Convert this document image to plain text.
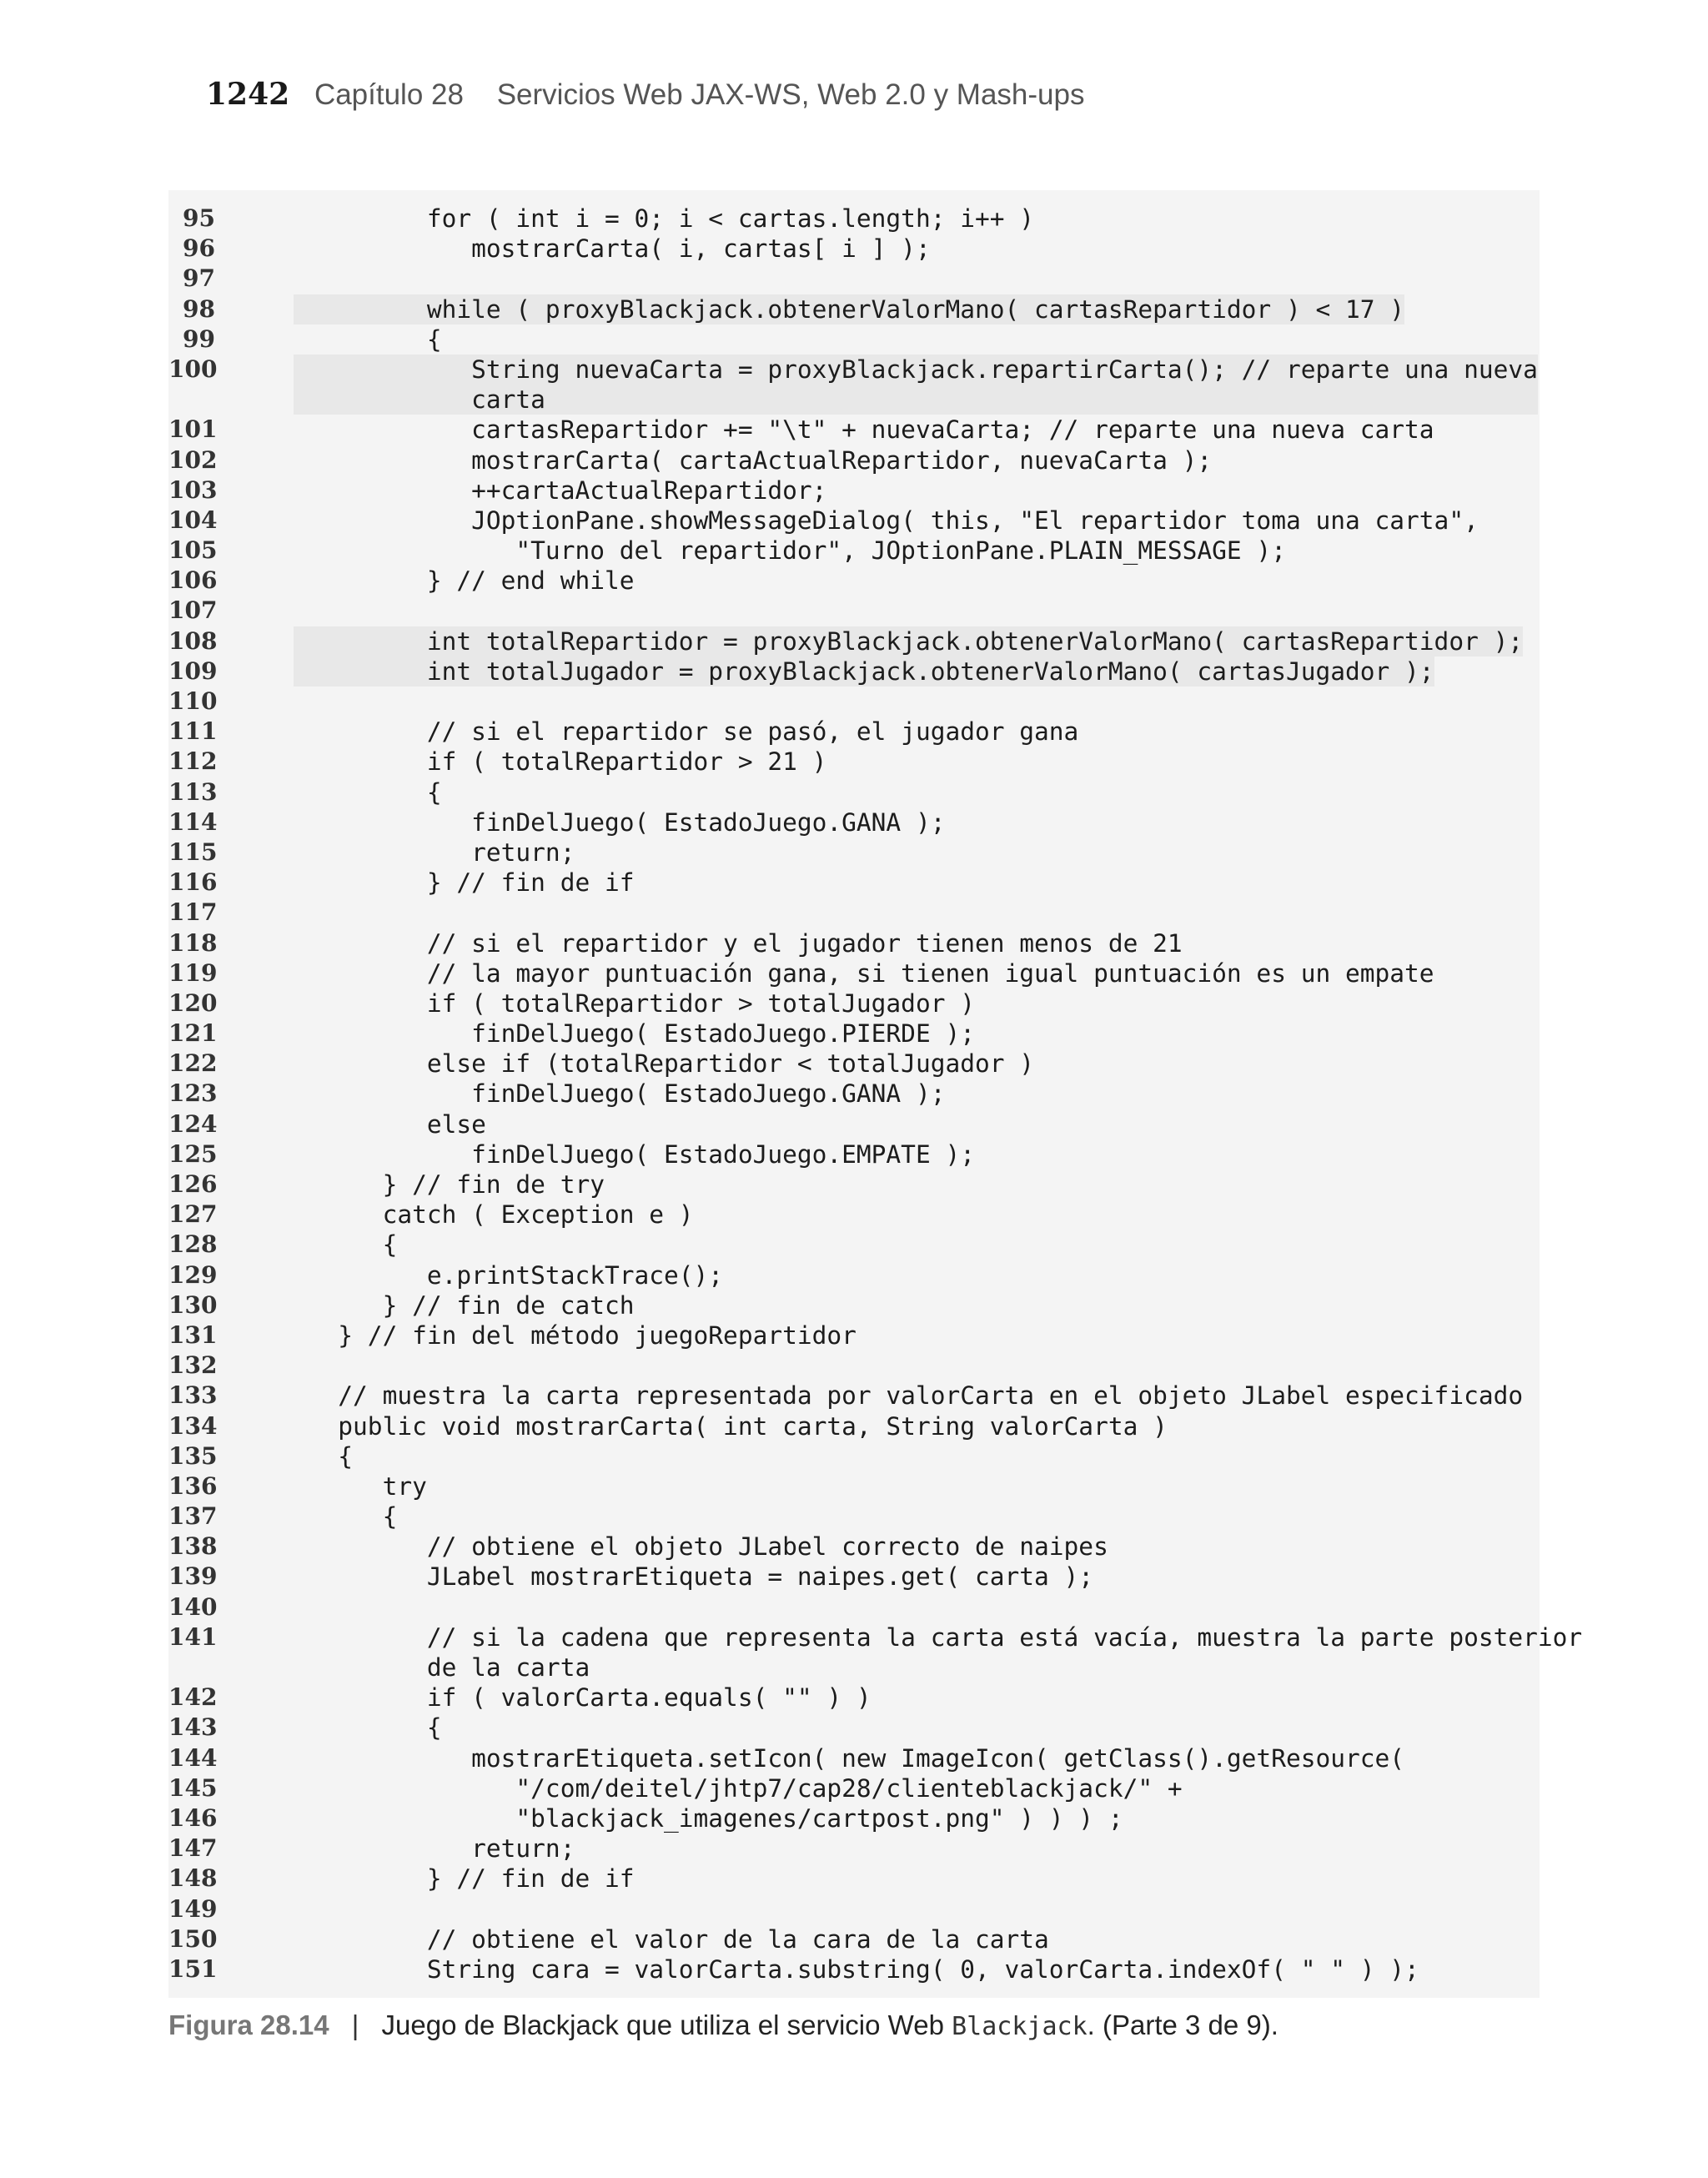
1242 Capítulo 28 Servicios Web JAX-WS, Web 2.0 y Mash-ups
95	for ( int i = 0; i < cartas.length; i++ )
96	mostrarCarta( i, cartas[ i ] );
97
98	while ( proxyBlackjack.obtenerValorMano( cartasRepartidor ) < 17 )
99	{
100	String nuevaCarta = proxyBlackjack.repartirCarta(); // reparte una nueva
carta
101	cartasRepartidor += "\t" + nuevaCarta; // reparte una nueva carta
102	mostrarCarta( cartaActualRepartidor, nuevaCarta );
103	++cartaActualRepartidor;
104	JOptionPane.showMessageDialog( this, "El repartidor toma una carta",
105	"Turno del repartidor", JOptionPane.PLAIN_MESSAGE );
106	} // end while
107
108	int totalRepartidor = proxyBlackjack.obtenerValorMano( cartasRepartidor );
109	int totalJugador = proxyBlackjack.obtenerValorMano( cartasJugador );
110
111	// si el repartidor se pasó, el jugador gana
112	if ( totalRepartidor > 21 )
113	{
114	finDelJuego( EstadoJuego.GANA );
115	return;
116	} // fin de if
117
118	// si el repartidor y el jugador tienen menos de 21
119	// la mayor puntuación gana, si tienen igual puntuación es un empate
120	if ( totalRepartidor > totalJugador )
121	finDelJuego( EstadoJuego.PIERDE );
122	else if (totalRepartidor < totalJugador )
123	finDelJuego( EstadoJuego.GANA );
124	else
125	finDelJuego( EstadoJuego.EMPATE );
126	} // fin de try
127	catch ( Exception e )
128	{
129	e.printStackTrace();
130	} // fin de catch
131	} // fin del método juegoRepartidor
132
133	// muestra la carta representada por valorCarta en el objeto JLabel especificado
134	public void mostrarCarta( int carta, String valorCarta )
135	{
136	try
137	{
138	// obtiene el objeto JLabel correcto de naipes
139	JLabel mostrarEtiqueta = naipes.get( carta );
140
141	// si la cadena que representa la carta está vacía, muestra la parte posterior
de la carta
142	if ( valorCarta.equals( "" ) )
143	{
144	mostrarEtiqueta.setIcon( new ImageIcon( getClass().getResource(
145	"/com/deitel/jhtp7/cap28/clienteblackjack/" +
146	"blackjack_imagenes/cartpost.png" ) ) ) ;
147	return;
148	} // fin de if
149
150	// obtiene el valor de la cara de la carta
151	String cara = valorCarta.substring( 0, valorCarta.indexOf( " " ) );
Figura 28.14 | Juego de Blackjack que utiliza el servicio Web Blackjack. (Parte 3 de 9).
